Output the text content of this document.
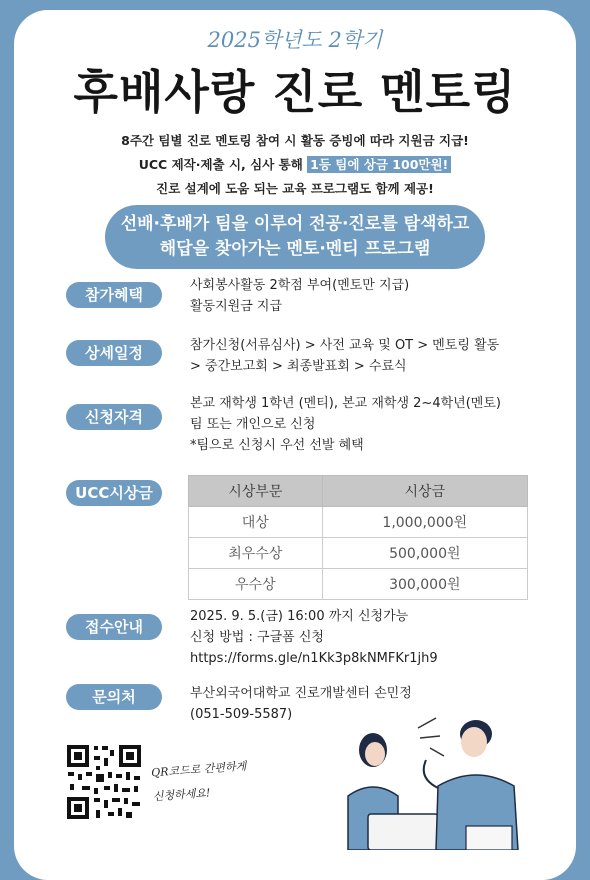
2025학년도 2학기
후배사랑 진로 멘토링
8주간 팀별 진로 멘토링 참여 시 활동 증빙에 따라 지원금 지급!
UCC 제작·제출 시, 심사 통해 1등 팀에 상금 100만원!
진로 설계에 도움 되는 교육 프로그램도 함께 제공!
선배·후배가 팀을 이루어 전공·진로를 탐색하고
해답을 찾아가는 멘토·멘티 프로그램
참가혜택
사회봉사활동 2학점 부여(멘토만 지급)
활동지원금 지급
상세일정	참가신청(서류심사) > 사전 교육 및 OT > 멘토링 활동
> 중간보고회 > 최종발표회 > 수료식
신청자격
본교 재학생 1학년 (멘티), 본교 재학생 2~4학년(멘토)
팀 또는 개인으로 신청
*팀으로 신청시 우선 선발 혜택
UCC시상금	시상부문	시상금
대상	1,000,000원
최우수상	500,000원
우수상	300,000원
접수안내
2025. 9. 5.(금) 16:00 까지 신청가능
신청 방법 : 구글폼 신청
https://forms.gle/n1Kk3p8kNMFKr1jh9
문의처	부산외국어대학교 진로개발센터 손민정
(051-509-5587)
QR코드로 간편하게
신청하세요!
